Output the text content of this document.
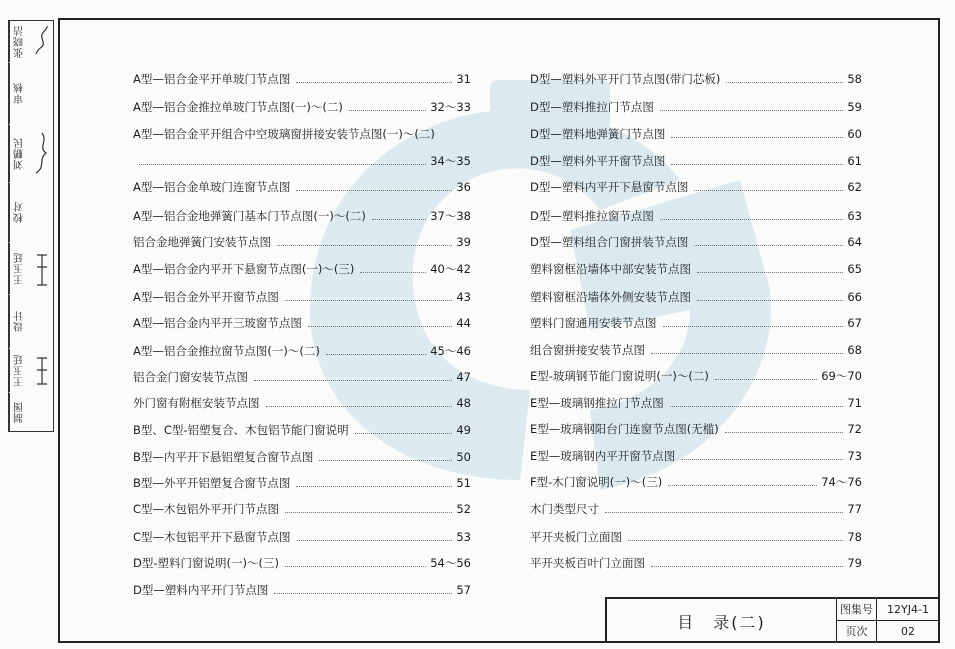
张晓洁
审核
刘鹏民
校对
王玉廷
设计
王玉廷
制图
A型—铝合金平开单玻门节点图	31
A型—铝合金推拉单玻门节点图(一)～(二)	32～33
A型—铝合金平开组合中空玻璃窗拼接安装节点图(一)～(二)
34～35
A型—铝合金单玻门连窗节点图	36
A型—铝合金地弹簧门基本门节点图(一)～(二)	37～38
铝合金地弹簧门安装节点图	39
A型—铝合金内平开下悬窗节点图(一)～(三)	40～42
A型—铝合金外平开窗节点图	43
A型—铝合金内平开三玻窗节点图	44
A型—铝合金推拉窗节点图(一)～(二)	45～46
铝合金门窗安装节点图	47
外门窗有附框安装节点图	48
B型、C型-铝塑复合、木包铝节能门窗说明	49
B型—内平开下悬铝塑复合窗节点图	50
B型—外平开铝塑复合窗节点图	51
C型—木包铝外平开门节点图	52
C型—木包铝平开下悬窗节点图	53
D型-塑料门窗说明(一)～(三)	54～56
D型—塑料内平开门节点图	57
D型—塑料外平开门节点图(带门芯板)	58
D型—塑料推拉门节点图	59
D型—塑料地弹簧门节点图	60
D型—塑料外平开窗节点图	61
D型—塑料内平开下悬窗节点图	62
D型—塑料推拉窗节点图	63
D型—塑料组合门窗拼装节点图	64
塑料窗框沿墙体中部安装节点图	65
塑料窗框沿墙体外侧安装节点图	66
塑料门窗通用安装节点图	67
组合窗拼接安装节点图	68
E型-玻璃钢节能门窗说明(一)～(二)	69～70
E型—玻璃钢推拉门节点图	71
E型—玻璃钢阳台门连窗节点图(无槛)	72
E型—玻璃钢内平开窗节点图	73
F型-木门窗说明(一)～(三)	74～76
木门类型尺寸	77
平开夹板门立面图	78
平开夹板百叶门立面图	79
目　录(二)
图集号	12YJ4-1
页次	02
